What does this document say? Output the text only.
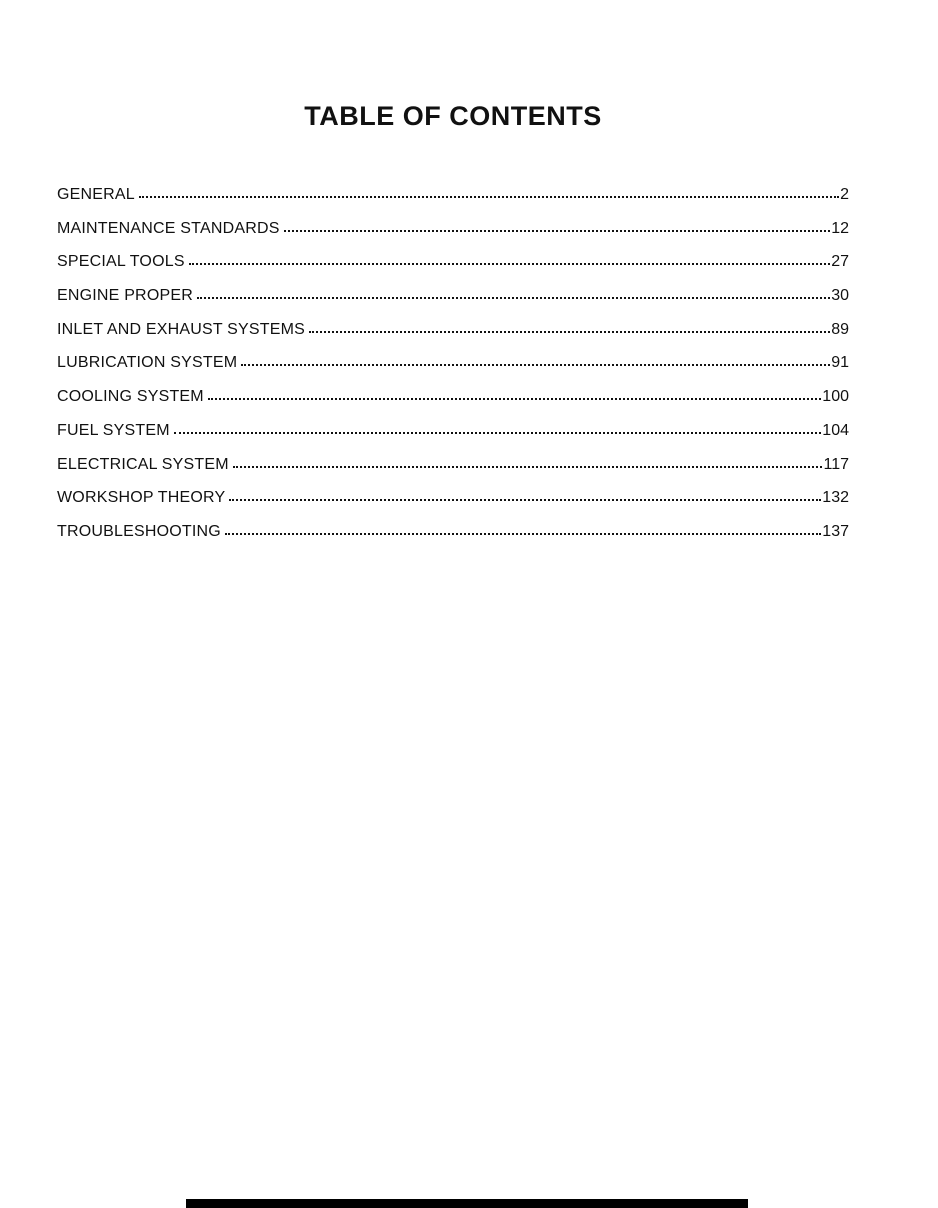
TABLE OF CONTENTS
GENERAL	2
MAINTENANCE STANDARDS	12
SPECIAL TOOLS	27
ENGINE PROPER	30
INLET AND EXHAUST SYSTEMS	89
LUBRICATION SYSTEM	91
COOLING SYSTEM	100
FUEL SYSTEM	104
ELECTRICAL SYSTEM	117
WORKSHOP THEORY	132
TROUBLESHOOTING	137
